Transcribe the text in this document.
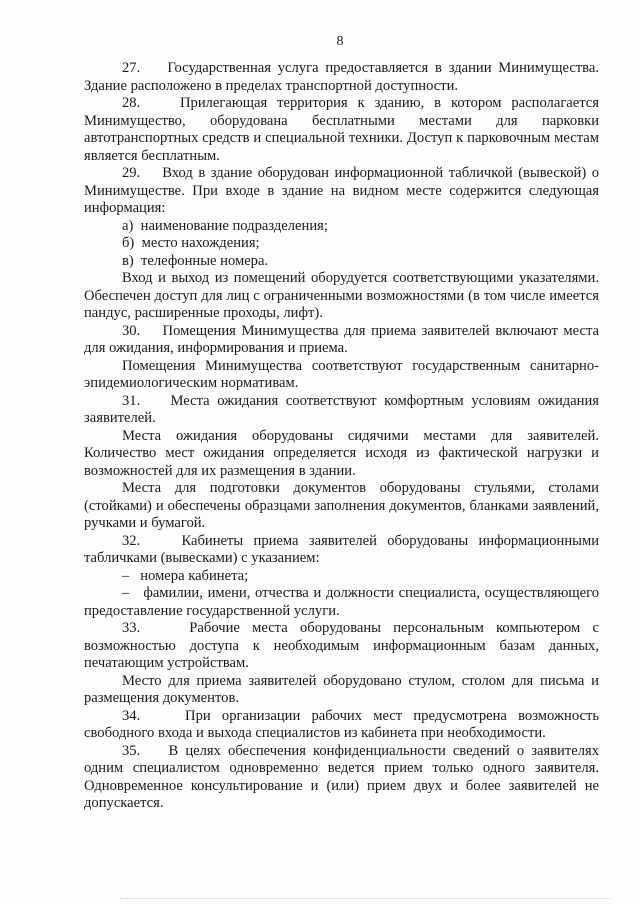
8

27.    Государственная услуга предоставляется в здании Минимущества. Здание расположено в пределах транспортной доступности.

28.    Прилегающая территория к зданию, в котором располагается Минимущество, оборудована бесплатными местами для парковки автотранспортных средств и специальной техники. Доступ к парковочным местам является бесплатным.

29.    Вход в здание оборудован информационной табличкой (вывеской) о Минимуществе. При входе в здание на видном месте содержится следующая информация:

а)  наименование подразделения;

б)  место нахождения;

в)  телефонные номера.

Вход и выход из помещений оборудуется соответствующими указателями. Обеспечен доступ для лиц с ограниченными возможностями (в том числе имеется пандус, расширенные проходы, лифт).

30.    Помещения Минимущества для приема заявителей включают места для ожидания, информирования и приема.

Помещения Минимущества соответствуют государственным санитарно-эпидемиологическим нормативам.

31.    Места ожидания соответствуют комфортным условиям ожидания заявителей.

Места ожидания оборудованы сидячими местами для заявителей. Количество мест ожидания определяется исходя из фактической нагрузки и возможностей для их размещения в здании.

Места для подготовки документов оборудованы стульями, столами (стойками) и обеспечены образцами заполнения документов, бланками заявлений, ручками и бумагой.

32.    Кабинеты приема заявителей оборудованы информационными табличками (вывесками) с указанием:

–   номера кабинета;

–   фамилии, имени, отчества и должности специалиста, осуществляющего предоставление государственной услуги.

33.    Рабочие места оборудованы персональным компьютером с возможностью доступа к необходимым информационным базам данных, печатающим устройствам.

Место для приема заявителей оборудовано стулом, столом для письма и размещения документов.

34.    При организации рабочих мест предусмотрена возможность свободного входа и выхода специалистов из кабинета при необходимости.

35.    В целях обеспечения конфиденциальности сведений о заявителях одним специалистом одновременно ведется прием только одного заявителя. Одновременное консультирование и (или) прием двух и более заявителей не допускается.
